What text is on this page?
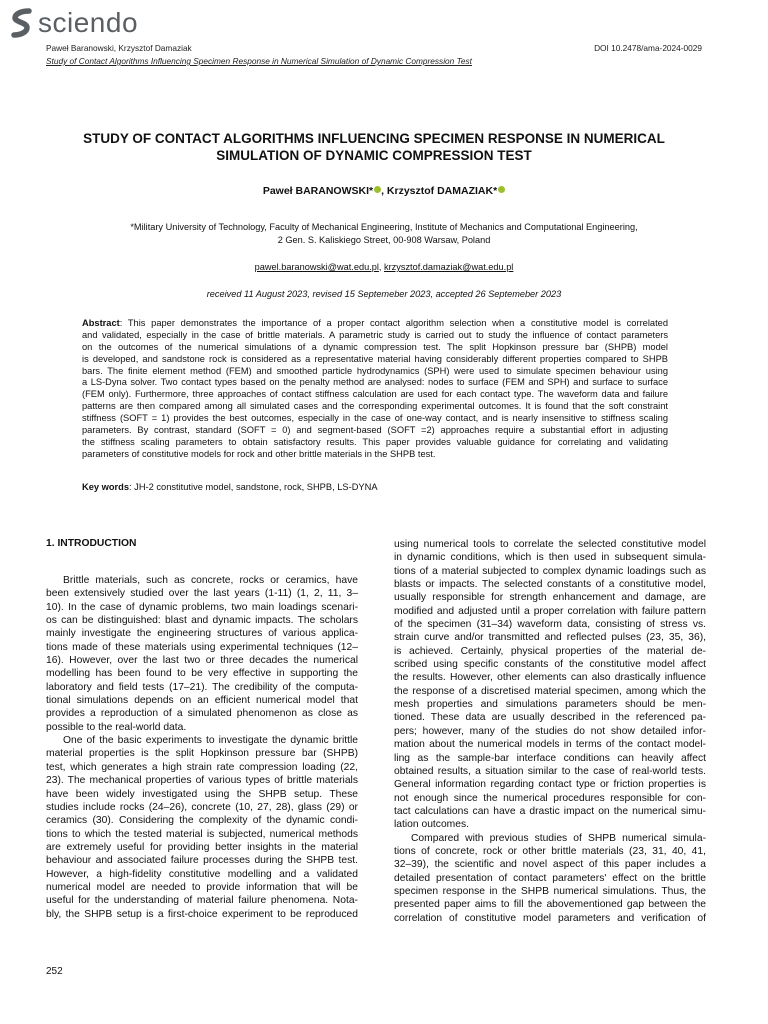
sciendo
Paweł Baranowski, Krzysztof Damaziak	DOI 10.2478/ama-2024-0029
Study of Contact Algorithms Influencing Specimen Response in Numerical Simulation of Dynamic Compression Test
STUDY OF CONTACT ALGORITHMS INFLUENCING SPECIMEN RESPONSE IN NUMERICAL
SIMULATION OF DYNAMIC COMPRESSION TEST
Paweł BARANOWSKI* , Krzysztof DAMAZIAK*
*Military University of Technology, Faculty of Mechanical Engineering, Institute of Mechanics and Computational Engineering,
2 Gen. S. Kaliskiego Street, 00-908 Warsaw, Poland
pawel.baranowski@wat.edu.pl, krzysztof.damaziak@wat.edu.pl
received 11 August 2023, revised 15 Septemeber 2023, accepted 26 Septemeber 2023
Abstract: This paper demonstrates the importance of a proper contact algorithm selection when a constitutive model is correlated
and validated, especially in the case of brittle materials. A parametric study is carried out to study the influence of contact parameters
on the outcomes of the numerical simulations of a dynamic compression test. The split Hopkinson pressure bar (SHPB) model
is developed, and sandstone rock is considered as a representative material having considerably different properties compared to SHPB
bars. The finite element method (FEM) and smoothed particle hydrodynamics (SPH) were used to simulate specimen behaviour using
a LS-Dyna solver. Two contact types based on the penalty method are analysed: nodes to surface (FEM and SPH) and surface to surface
(FEM only). Furthermore, three approaches of contact stiffness calculation are used for each contact type. The waveform data and failure
patterns are then compared among all simulated cases and the corresponding experimental outcomes. It is found that the soft constraint
stiffness (SOFT = 1) provides the best outcomes, especially in the case of one-way contact, and is nearly insensitive to stiffness scaling
parameters. By contrast, standard (SOFT = 0) and segment-based (SOFT =2) approaches require a substantial effort in adjusting
the stiffness scaling parameters to obtain satisfactory results. This paper provides valuable guidance for correlating and validating
parameters of constitutive models for rock and other brittle materials in the SHPB test.
Key words: JH-2 constitutive model, sandstone, rock, SHPB, LS-DYNA
1. INTRODUCTION
Brittle materials, such as concrete, rocks or ceramics, have
been extensively studied over the last years (1-11) (1, 2, 11, 3–
10). In the case of dynamic problems, two main loadings scenari-
os can be distinguished: blast and dynamic impacts. The scholars
mainly investigate the engineering structures of various applica-
tions made of these materials using experimental techniques (12–
16). However, over the last two or three decades the numerical
modelling has been found to be very effective in supporting the
laboratory and field tests (17–21). The credibility of the computa-
tional simulations depends on an efficient numerical model that
provides a reproduction of a simulated phenomenon as close as
possible to the real-world data.
One of the basic experiments to investigate the dynamic brittle
material properties is the split Hopkinson pressure bar (SHPB)
test, which generates a high strain rate compression loading (22,
23). The mechanical properties of various types of brittle materials
have been widely investigated using the SHPB setup. These
studies include rocks (24–26), concrete (10, 27, 28), glass (29) or
ceramics (30). Considering the complexity of the dynamic condi-
tions to which the tested material is subjected, numerical methods
are extremely useful for providing better insights in the material
behaviour and associated failure processes during the SHPB test.
However, a high-fidelity constitutive modelling and a validated
numerical model are needed to provide information that will be
useful for the understanding of material failure phenomena. Nota-
bly, the SHPB setup is a first-choice experiment to be reproduced
using numerical tools to correlate the selected constitutive model
in dynamic conditions, which is then used in subsequent simula-
tions of a material subjected to complex dynamic loadings such as
blasts or impacts. The selected constants of a constitutive model,
usually responsible for strength enhancement and damage, are
modified and adjusted until a proper correlation with failure pattern
of the specimen (31–34) waveform data, consisting of stress vs.
strain curve and/or transmitted and reflected pulses (23, 35, 36),
is achieved. Certainly, physical properties of the material de-
scribed using specific constants of the constitutive model affect
the results. However, other elements can also drastically influence
the response of a discretised material specimen, among which the
mesh properties and simulations parameters should be men-
tioned. These data are usually described in the referenced pa-
pers; however, many of the studies do not show detailed infor-
mation about the numerical models in terms of the contact model-
ling as the sample-bar interface conditions can heavily affect
obtained results, a situation similar to the case of real-world tests.
General information regarding contact type or friction properties is
not enough since the numerical procedures responsible for con-
tact calculations can have a drastic impact on the numerical simu-
lation outcomes.
Compared with previous studies of SHPB numerical simula-
tions of concrete, rock or other brittle materials (23, 31, 40, 41,
32–39), the scientific and novel aspect of this paper includes a
detailed presentation of contact parameters' effect on the brittle
specimen response in the SHPB numerical simulations. Thus, the
presented paper aims to fill the abovementioned gap between the
correlation of constitutive model parameters and verification of
252
